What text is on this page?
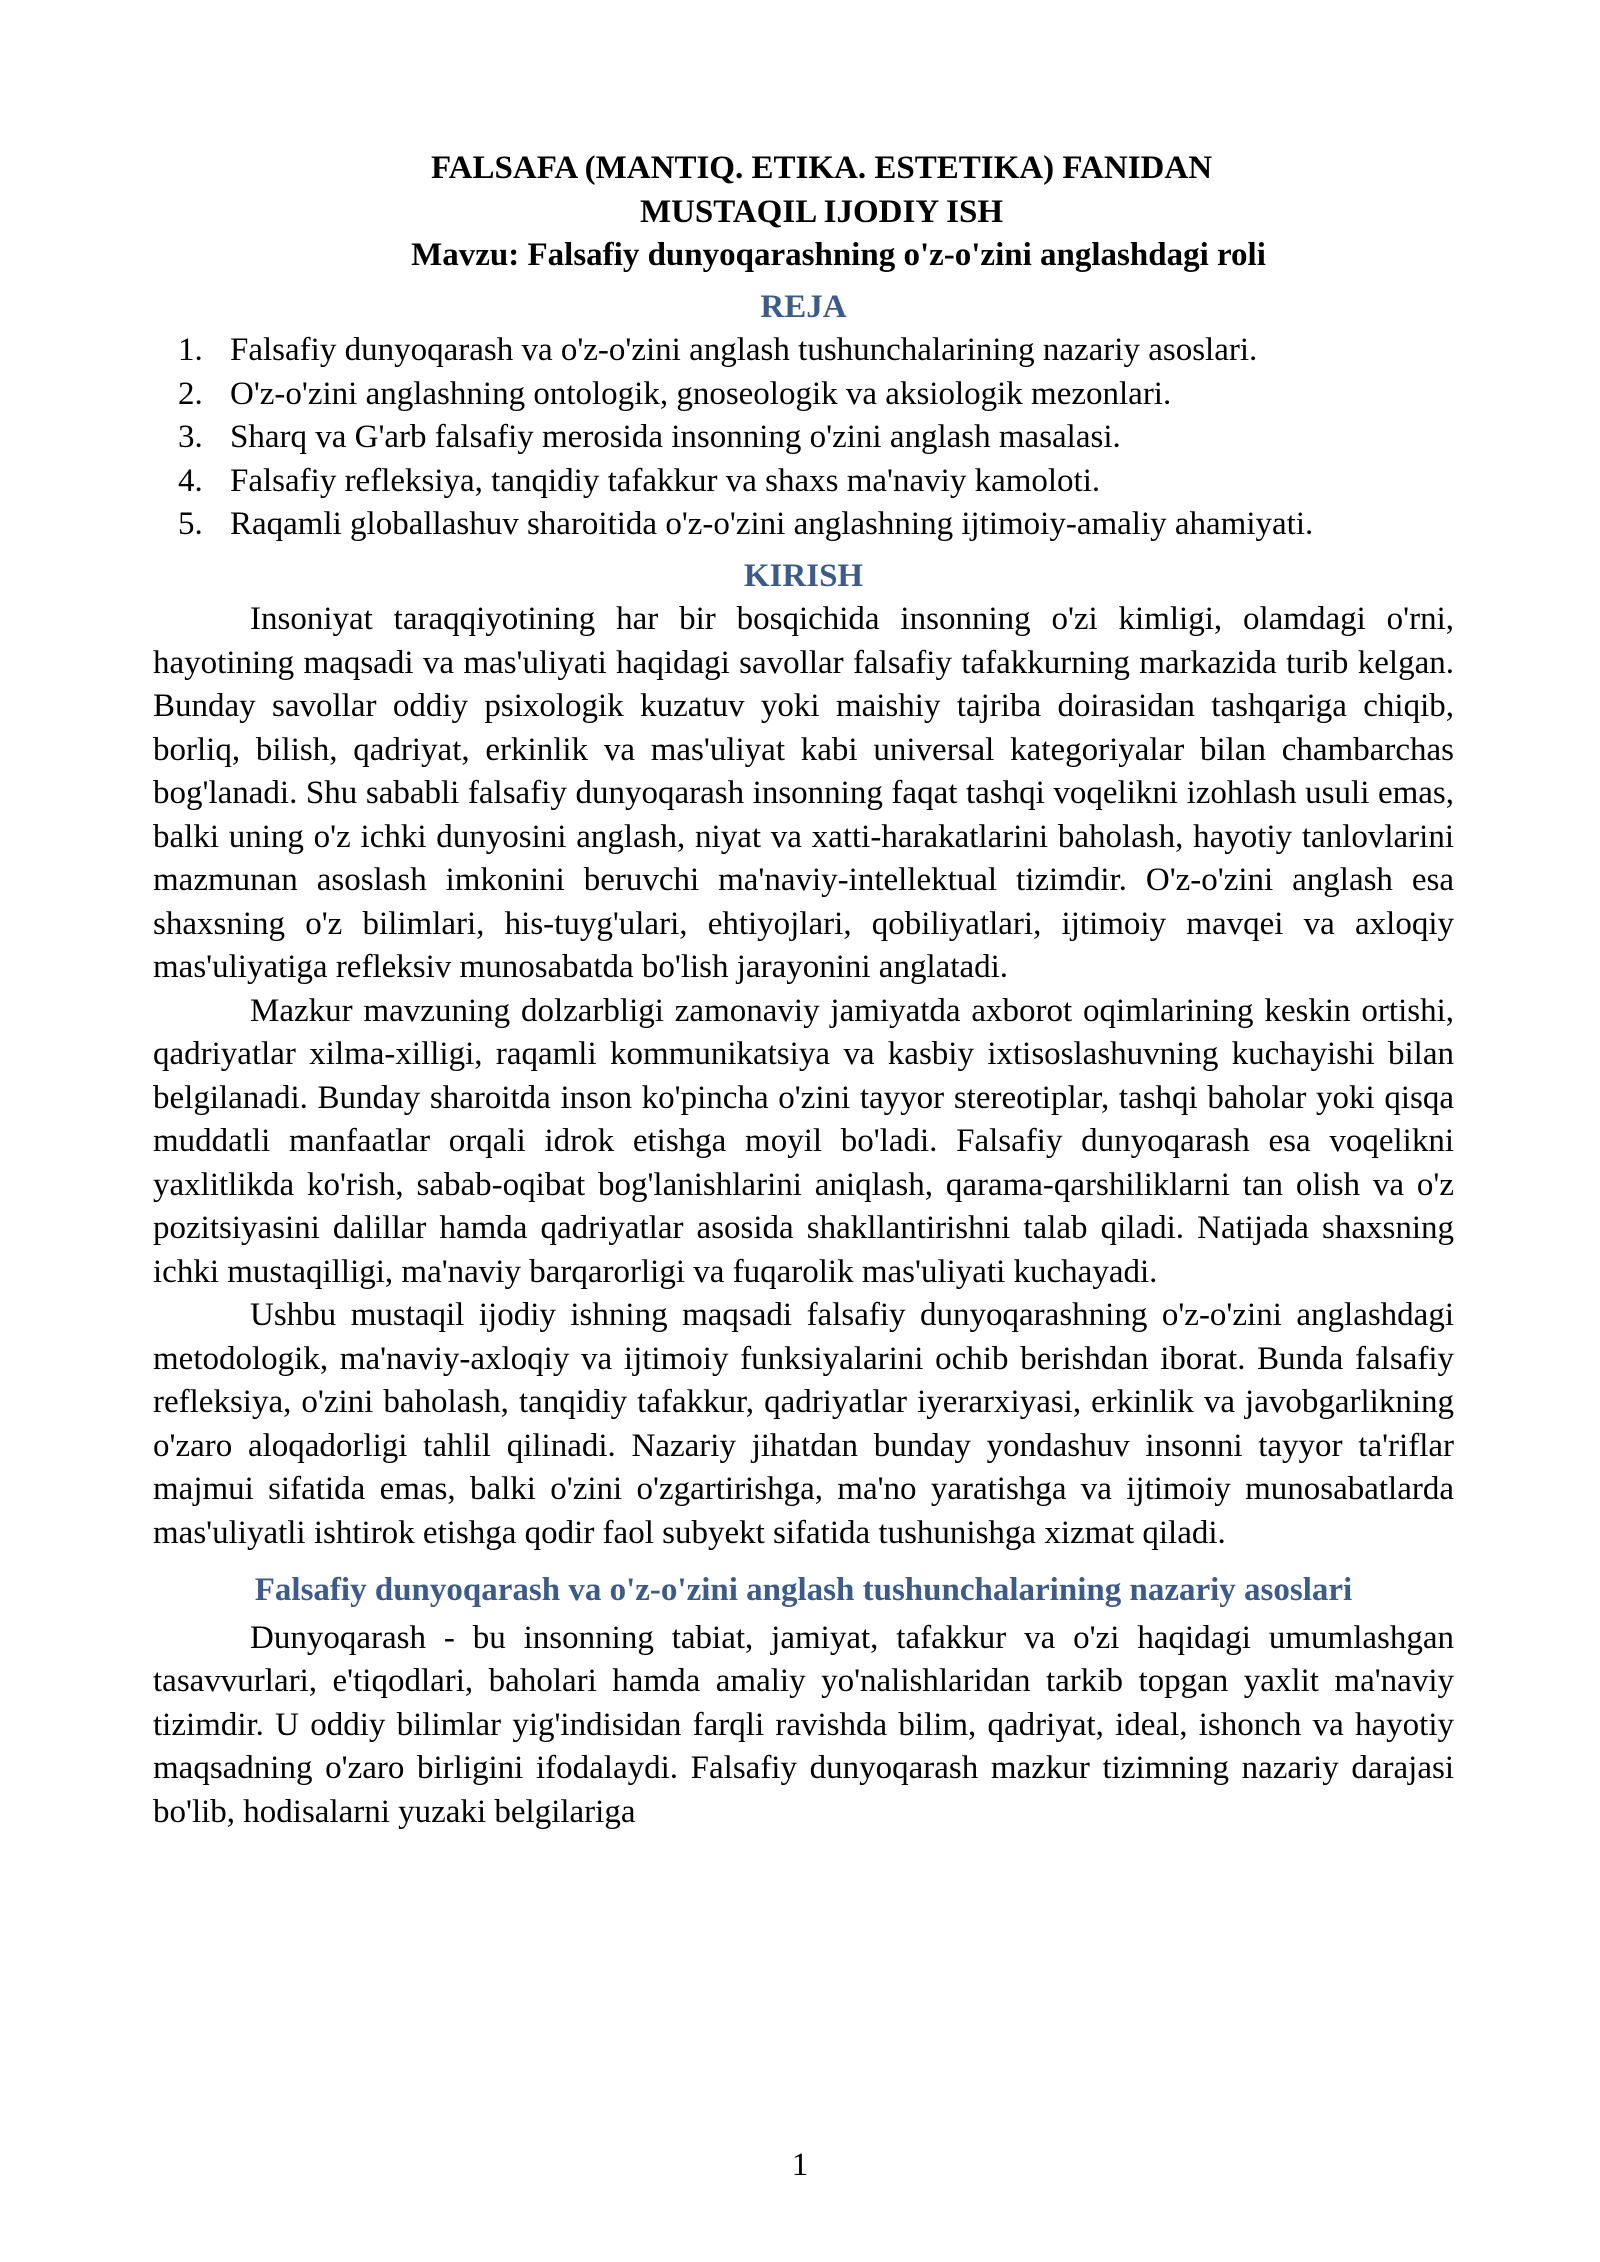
FALSAFA (MANTIQ. ETIKA. ESTETIKA) FANIDAN

MUSTAQIL IJODIY ISH

Mavzu: Falsafiy dunyoqarashning o'z-o'zini anglashdagi roli

REJA

1. Falsafiy dunyoqarash va o'z-o'zini anglash tushunchalarining nazariy asoslari.
2. O'z-o'zini anglashning ontologik, gnoseologik va aksiologik mezonlari.
3. Sharq va G'arb falsafiy merosida insonning o'zini anglash masalasi.
4. Falsafiy refleksiya, tanqidiy tafakkur va shaxs ma'naviy kamoloti.
5. Raqamli globallashuv sharoitida o'z-o'zini anglashning ijtimoiy-amaliy ahamiyati.

KIRISH

Insoniyat taraqqiyotining har bir bosqichida insonning o'zi kimligi, olamdagi o'rni, hayotining maqsadi va mas'uliyati haqidagi savollar falsafiy tafakkurning markazida turib kelgan. Bunday savollar oddiy psixologik kuzatuv yoki maishiy tajriba doirasidan tashqariga chiqib, borliq, bilish, qadriyat, erkinlik va mas'uliyat kabi universal kategoriyalar bilan chambarchas bog'lanadi. Shu sababli falsafiy dunyoqarash insonning faqat tashqi voqelikni izohlash usuli emas, balki uning o'z ichki dunyosini anglash, niyat va xatti-harakatlarini baholash, hayotiy tanlovlarini mazmunan asoslash imkonini beruvchi ma'naviy-intellektual tizimdir. O'z-o'zini anglash esa shaxsning o'z bilimlari, his-tuyg'ulari, ehtiyojlari, qobiliyatlari, ijtimoiy mavqei va axloqiy mas'uliyatiga refleksiv munosabatda bo'lish jarayonini anglatadi.

Mazkur mavzuning dolzarbligi zamonaviy jamiyatda axborot oqimlarining keskin ortishi, qadriyatlar xilma-xilligi, raqamli kommunikatsiya va kasbiy ixtisoslashuvning kuchayishi bilan belgilanadi. Bunday sharoitda inson ko'pincha o'zini tayyor stereotiplar, tashqi baholar yoki qisqa muddatli manfaatlar orqali idrok etishga moyil bo'ladi. Falsafiy dunyoqarash esa voqelikni yaxlitlikda ko'rish, sabab-oqibat bog'lanishlarini aniqlash, qarama-qarshiliklarni tan olish va o'z pozitsiyasini dalillar hamda qadriyatlar asosida shakllantirishni talab qiladi. Natijada shaxsning ichki mustaqilligi, ma'naviy barqarorligi va fuqarolik mas'uliyati kuchayadi.

Ushbu mustaqil ijodiy ishning maqsadi falsafiy dunyoqarashning o'z-o'zini anglashdagi metodologik, ma'naviy-axloqiy va ijtimoiy funksiyalarini ochib berishdan iborat. Bunda falsafiy refleksiya, o'zini baholash, tanqidiy tafakkur, qadriyatlar iyerarxiyasi, erkinlik va javobgarlikning o'zaro aloqadorligi tahlil qilinadi. Nazariy jihatdan bunday yondashuv insonni tayyor ta'riflar majmui sifatida emas, balki o'zini o'zgartirishga, ma'no yaratishga va ijtimoiy munosabatlarda mas'uliyatli ishtirok etishga qodir faol subyekt sifatida tushunishga xizmat qiladi.

Falsafiy dunyoqarash va o'z-o'zini anglash tushunchalarining nazariy asoslari

Dunyoqarash - bu insonning tabiat, jamiyat, tafakkur va o'zi haqidagi umumlashgan tasavvurlari, e'tiqodlari, baholari hamda amaliy yo'nalishlaridan tarkib topgan yaxlit ma'naviy tizimdir. U oddiy bilimlar yig'indisidan farqli ravishda bilim, qadriyat, ideal, ishonch va hayotiy maqsadning o'zaro birligini ifodalaydi. Falsafiy dunyoqarash mazkur tizimning nazariy darajasi bo'lib, hodisalarni yuzaki belgilariga

1
